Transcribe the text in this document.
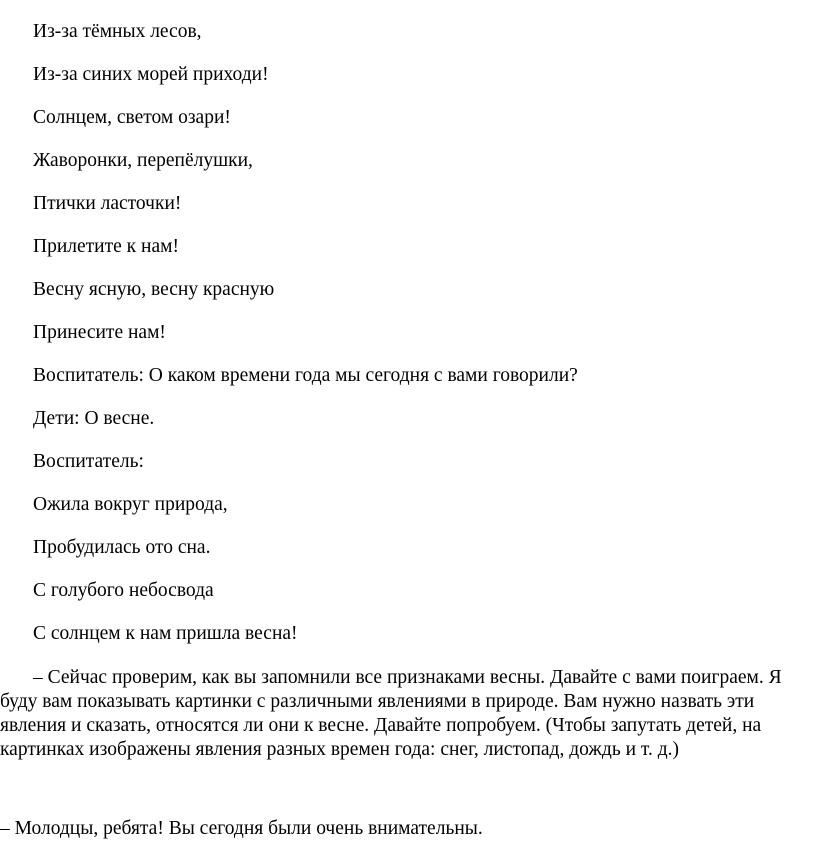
Из-за тёмных лесов,
Из-за синих морей приходи!
Солнцем, светом озари!
Жаворонки, перепёлушки,
Птички ласточки!
Прилетите к нам!
Весну ясную, весну красную
Принесите нам!
Воспитатель: О каком времени года мы сегодня с вами говорили?
Дети: О весне.
Воспитатель:
Ожила вокруг природа,
Пробудилась ото сна.
С голубого небосвода
С солнцем к нам пришла весна!

– Сейчас проверим, как вы запомнили все признаками весны. Давайте с вами поиграем. Я буду вам показывать картинки с различными явлениями в природе. Вам нужно назвать эти явления и сказать, относятся ли они к весне. Давайте попробуем. (Чтобы запутать детей, на картинках изображены явления разных времен года: снег, листопад, дождь и т. д.)

– Молодцы, ребята! Вы сегодня были очень внимательны.
